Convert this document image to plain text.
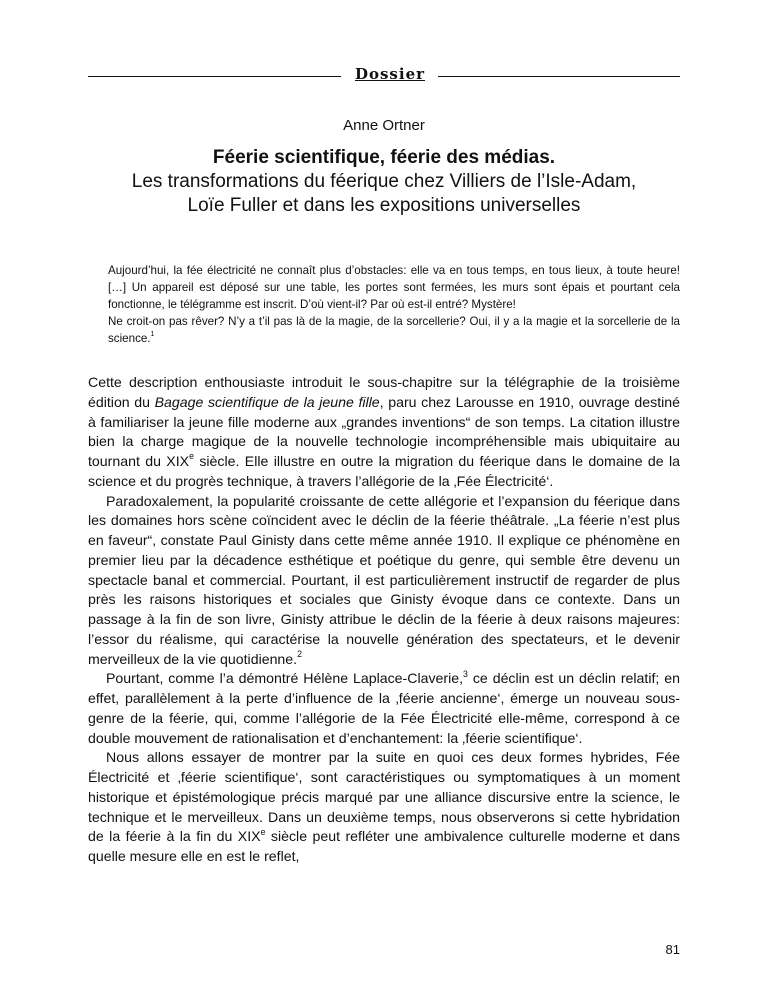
Dossier
Anne Ortner
Féerie scientifique, féerie des médias.
Les transformations du féerique chez Villiers de l’Isle-Adam,
Loïe Fuller et dans les expositions universelles

Aujourd’hui, la fée électricité ne connaît plus d’obstacles: elle va en tous temps, en tous lieux, à toute heure! […] Un appareil est déposé sur une table, les portes sont fermées, les murs sont épais et pourtant cela fonctionne, le télégramme est inscrit. D’où vient-il? Par où est-il entré? Mystère!

Ne croit-on pas rêver? N’y a t’il pas là de la magie, de la sorcellerie? Oui, il y a la magie et la sorcellerie de la science.$^1$

Cette description enthousiaste introduit le sous-chapitre sur la télégraphie de la troisième édition du Bagage scientifique de la jeune fille, paru chez Larousse en 1910, ouvrage destiné à familiariser la jeune fille moderne aux „grandes inventions“ de son temps. La citation illustre bien la charge magique de la nouvelle technologie incompréhensible mais ubiquitaire au tournant du XIXe siècle. Elle illustre en outre la migration du féerique dans le domaine de la science et du progrès technique, à travers l’allégorie de la ‚Fée Électricité‘.

Paradoxalement, la popularité croissante de cette allégorie et l’expansion du féerique dans les domaines hors scène coïncident avec le déclin de la féerie théâtrale. „La féerie n’est plus en faveur“, constate Paul Ginisty dans cette même année 1910. Il explique ce phénomène en premier lieu par la décadence esthétique et poétique du genre, qui semble être devenu un spectacle banal et commercial. Pourtant, il est particulièrement instructif de regarder de plus près les raisons historiques et sociales que Ginisty évoque dans ce contexte. Dans un passage à la fin de son livre, Ginisty attribue le déclin de la féerie à deux raisons majeures: l’essor du réalisme, qui caractérise la nouvelle génération des spectateurs, et le devenir merveilleux de la vie quotidienne.$^2$

Pourtant, comme l’a démontré Hélène Laplace-Claverie,$^3$ ce déclin est un déclin relatif; en effet, parallèlement à la perte d’influence de la ‚féerie ancienne‘, émerge un nouveau sous-genre de la féerie, qui, comme l’allégorie de la Fée Électricité elle-même, correspond à ce double mouvement de rationalisation et d’enchantement: la ‚féerie scientifique‘.

Nous allons essayer de montrer par la suite en quoi ces deux formes hybrides, Fée Électricité et ‚féerie scientifique‘, sont caractéristiques ou symptomatiques à un moment historique et épistémologique précis marqué par une alliance discursive entre la science, le technique et le merveilleux. Dans un deuxième temps, nous observerons si cette hybridation de la féerie à la fin du XIXe siècle peut refléter une ambivalence culturelle moderne et dans quelle mesure elle en est le reflet,

81
